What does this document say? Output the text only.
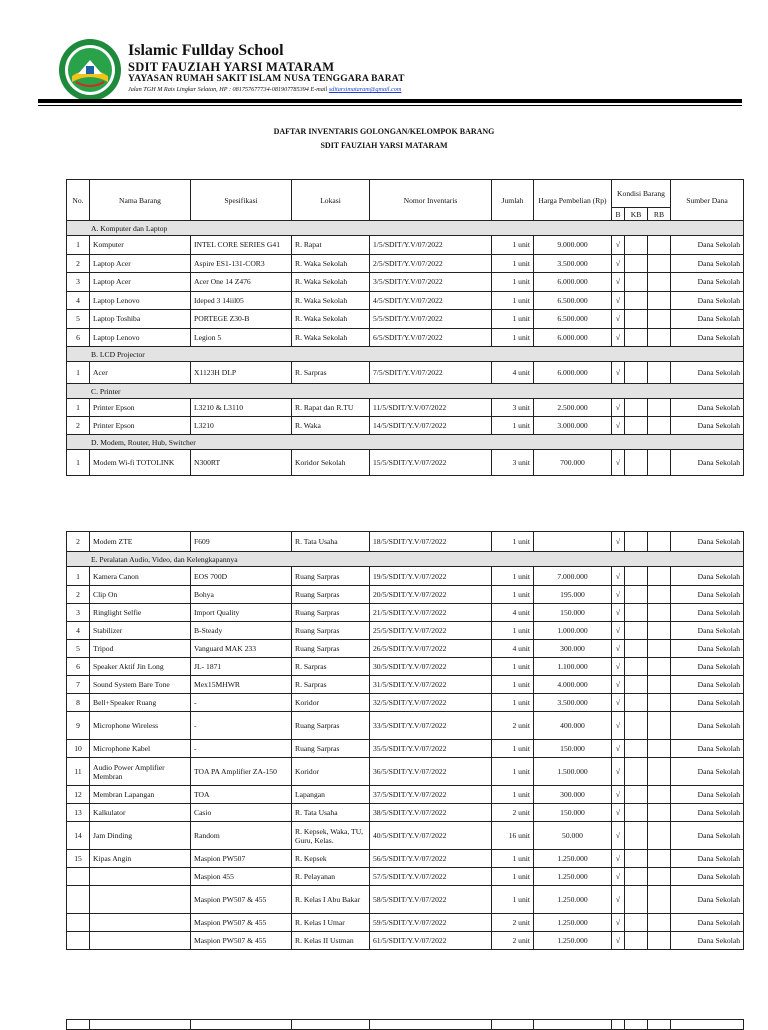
Islamic Fullday School
SDIT FAUZIAH YARSI MATARAM
YAYASAN RUMAH SAKIT ISLAM NUSA TENGGARA BARAT
Jalan TGH M Rais Lingkar Selatan, HP : 081757677734-081907785394 E-mail sditarsimataram@gmail.com
DAFTAR INVENTARIS GOLONGAN/KELOMPOK BARANG
SDIT FAUZIAH YARSI MATARAM
No.	Nama Barang	Spesifikasi	Lokasi	Nomor Inventaris	Jumlah	Harga Pembelian (Rp)	Kondisi Barang			Sumber Dana
							B	KB	RB	
A. Komputer dan Laptop										
1	Komputer	INTEL CORE SERIES G41	R. Rapat	1/5/SDIT/Y.V/07/2022	1 unit	9.000.000	√			Dana Sekolah
2	Laptop Acer	Aspire ES1-131-COR3	R. Waka Sekolah	2/5/SDIT/Y.V/07/2022	1 unit	3.500.000	√			Dana Sekolah
3	Laptop Acer	Acer One 14 Z476	R. Waka Sekolah	3/5/SDIT/Y.V/07/2022	1 unit	6.000.000	√			Dana Sekolah
4	Laptop Lenovo	Ideped 3 14iil05	R. Waka Sekolah	4/5/SDIT/Y.V/07/2022	1 unit	6.500.000	√			Dana Sekolah
5	Laptop Toshiba	PORTEGE Z30-B	R. Waka Sekolah	5/5/SDIT/Y.V/07/2022	1 unit	6.500.000	√			Dana Sekolah
6	Laptop Lenovo	Legion 5	R. Waka Sekolah	6/5/SDIT/Y.V/07/2022	1 unit	6.000.000	√			Dana Sekolah
B. LCD Projector										
1	Acer	X1123H DLP	R. Sarpras	7/5/SDIT/Y.V/07/2022	4 unit	6.000.000	√			Dana Sekolah
C. Printer										
1	Printer Epson	L3210 & L3110	R. Rapat dan R.TU	11/5/SDIT/Y.V/07/2022	3 unit	2.500.000	√			Dana Sekolah
2	Printer Epson	L3210	R. Waka	14/5/SDIT/Y.V/07/2022	1 unit	3.000.000	√			Dana Sekolah
D. Modem, Router, Hub, Switcher										
1	Modem Wi-fi TOTOLINK	N300RT	Koridor Sekolah	15/5/SDIT/Y.V/07/2022	3 unit	700.000	√			Dana Sekolah
2	Modem ZTE	F609	R. Tata Usaha	18/5/SDIT/Y.V/07/2022	1 unit		√			Dana Sekolah
E. Peralatan Audio, Video, dan Kelengkapannya										
1	Kamera Canon	EOS 700D	Ruang Sarpras	19/5/SDIT/Y.V/07/2022	1 unit	7.000.000	√			Dana Sekolah
2	Clip On	Bohya	Ruang Sarpras	20/5/SDIT/Y.V/07/2022	1 unit	195.000	√			Dana Sekolah
3	Ringlight Selfie	Import Quality	Ruang Sarpras	21/5/SDIT/Y.V/07/2022	4 unit	150.000	√			Dana Sekolah
4	Stabilizer	B-Steady	Ruang Sarpras	25/5/SDIT/Y.V/07/2022	1 unit	1.000.000	√			Dana Sekolah
5	Tripod	Vanguard MAK 233	Ruang Sarpras	26/5/SDIT/Y.V/07/2022	4 unit	300.000	√			Dana Sekolah
6	Speaker Aktif Jin Long	JL- 1871	R. Sarpras	30/5/SDIT/Y.V/07/2022	1 unit	1.100.000	√			Dana Sekolah
7	Sound System Bare Tone	Mex15MHWR	R. Sarpras	31/5/SDIT/Y.V/07/2022	1 unit	4.000.000	√			Dana Sekolah
8	Bell+Speaker Ruang	-	Koridor	32/5/SDIT/Y.V/07/2022	1 unit	3.500.000	√			Dana Sekolah
9	Microphone Wireless	-	Ruang Sarpras	33/5/SDIT/Y.V/07/2022	2 unit	400.000	√			Dana Sekolah
10	Microphone Kabel	-	Ruang Sarpras	35/5/SDIT/Y.V/07/2022	1 unit	150.000	√			Dana Sekolah
11	Audio Power Amplifier Membran	TOA PA Amplifier ZA-150	Koridor	36/5/SDIT/Y.V/07/2022	1 unit	1.500.000	√			Dana Sekolah
12	Membran Lapangan	TOA	Lapangan	37/5/SDIT/Y.V/07/2022	1 unit	300.000	√			Dana Sekolah
13	Kalkulator	Casio	R. Tata Usaha	38/5/SDIT/Y.V/07/2022	2 unit	150.000	√			Dana Sekolah
14	Jam Dinding	Random	R. Kepsek, Waka, TU, Guru, Kelas.	40/5/SDIT/Y.V/07/2022	16 unit	50.000	√			Dana Sekolah
15	Kipas Angin	Maspion PW507	R. Kepsek	56/5/SDIT/Y.V/07/2022	1 unit	1.250.000	√			Dana Sekolah
		Maspion 455	R. Pelayanan	57/5/SDIT/Y.V/07/2022	1 unit	1.250.000	√			Dana Sekolah
		Maspion PW507 & 455	R. Kelas I Abu Bakar	58/5/SDIT/Y.V/07/2022	1 unit	1.250.000	√			Dana Sekolah
		Maspion PW507 & 455	R. Kelas I Umar	59/5/SDIT/Y.V/07/2022	2 unit	1.250.000	√			Dana Sekolah
		Maspion PW507 & 455	R. Kelas II Ustman	61/5/SDIT/Y.V/07/2022	2 unit	1.250.000	√			Dana Sekolah
